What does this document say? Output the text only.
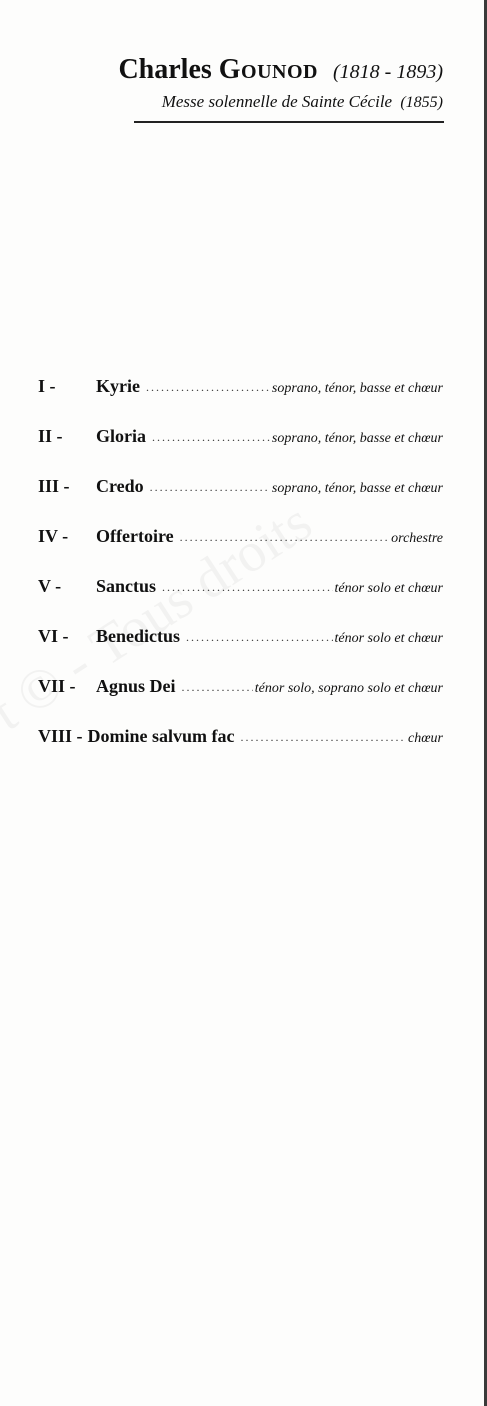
Charles Gounod (1818 - 1893)
Messe solennelle de Sainte Cécile (1855)
I -	Kyrie .....	soprano, ténor, basse et chœur
II -	Gloria .....	soprano, ténor, basse et chœur
III -	Credo .....	soprano, ténor, basse et chœur
IV -	Offertoire .....	orchestre
V -	Sanctus .....	ténor solo et chœur
VI -	Benedictus .....	ténor solo et chœur
VII -	Agnus Dei .....	ténor solo, soprano solo et chœur
VIII - Domine salvum fac .....	chœur
